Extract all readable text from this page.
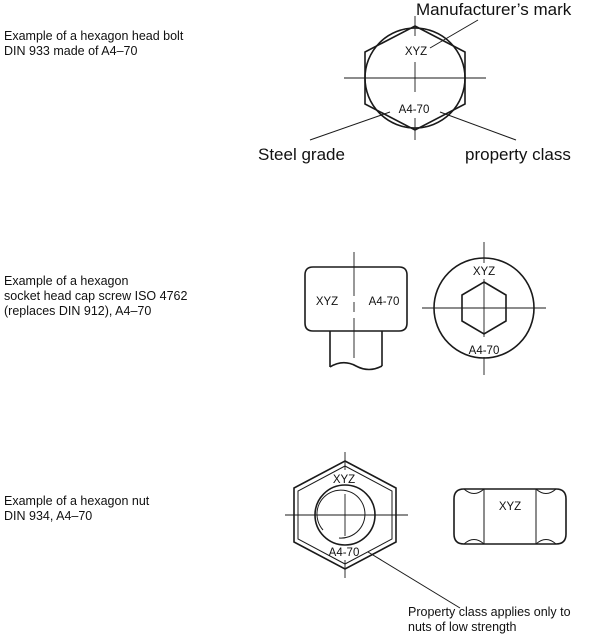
Example of a hexagon head bolt
DIN 933 made of A4–70	XYZ
A4-70
Manufacturer’s mark
Steel grade	property class
Example of a hexagon
socket head cap screw ISO 4762
(replaces DIN 912), A4–70
XYZ	A4-70
XYZ
A4-70
Example of a hexagon nut
DIN 934, A4–70
XYZ
A4-70
XYZ
Property class applies only to
nuts of low strength
